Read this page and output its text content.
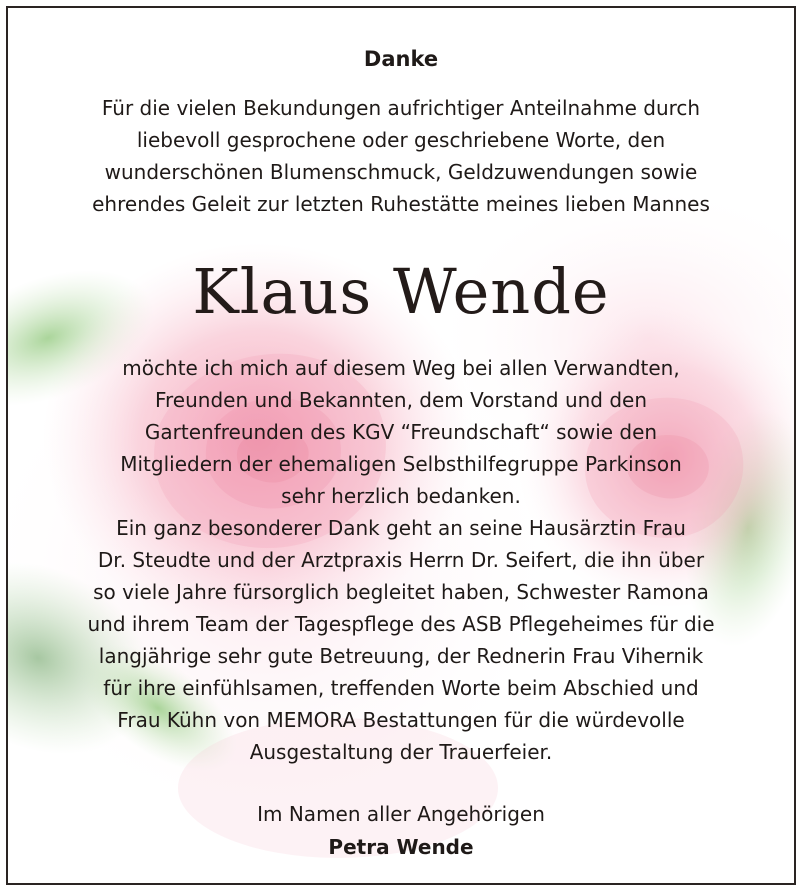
Danke
Für die vielen Bekundungen aufrichtiger Anteilnahme durch
liebevoll gesprochene oder geschriebene Worte, den
wunderschönen Blumenschmuck, Geldzuwendungen sowie
ehrendes Geleit zur letzten Ruhestätte meines lieben Mannes
Klaus Wende
möchte ich mich auf diesem Weg bei allen Verwandten,
Freunden und Bekannten, dem Vorstand und den
Gartenfreunden des KGV “Freundschaft“ sowie den
Mitgliedern der ehemaligen Selbsthilfegruppe Parkinson
sehr herzlich bedanken.
Ein ganz besonderer Dank geht an seine Hausärztin Frau
Dr. Steudte und der Arztpraxis Herrn Dr. Seifert, die ihn über
so viele Jahre fürsorglich begleitet haben, Schwester Ramona
und ihrem Team der Tagespflege des ASB Pflegeheimes für die
langjährige sehr gute Betreuung, der Rednerin Frau Vihernik
für ihre einfühlsamen, treffenden Worte beim Abschied und
Frau Kühn von MEMORA Bestattungen für die würdevolle
Ausgestaltung der Trauerfeier.
Im Namen aller Angehörigen
Petra Wende
